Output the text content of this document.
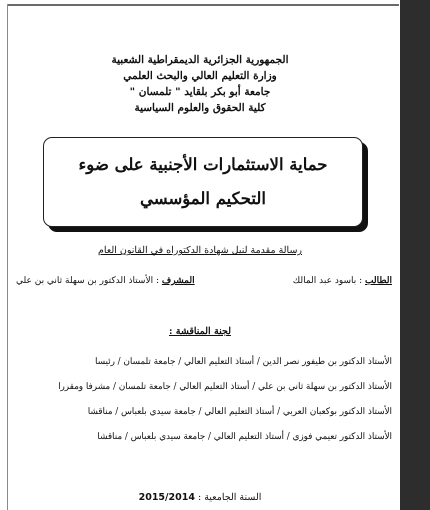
الجمهورية الجزائرية الديمقراطية الشعبية
وزارة التعليم العالي والبحث العلمي
جامعة أبو بكر بلقايد " تلمسان "
كلية الحقوق والعلوم السياسية
حماية الاستثمارات الأجنبية على ضوء
التحكيم المؤسسي
رسالة مقدمة لنيل شهادة الدكتوراه في القانون العام
الطالب : باسود عبد المالك
المشرف : الأستاذ الدكتور بن سهلة ثاني بن علي
لجنة المناقشة :
الأستاذ الدكتور بن طيفور نصر الدين / أستاذ التعليم العالي / جامعة تلمسان / رئيسا
الأستاذ الدكتور بن سهلة ثاني بن علي / أستاذ التعليم العالي / جامعة تلمسان / مشرفا ومقررا
الأستاذ الدكتور بوكعبان العربي / أستاذ التعليم العالي / جامعة سيدي بلعباس / مناقشا
الأستاذ الدكتور تعيمي فوزي / أستاذ التعليم العالي / جامعة سيدي بلعباس / مناقشا
السنة الجامعية : 2015/2014
